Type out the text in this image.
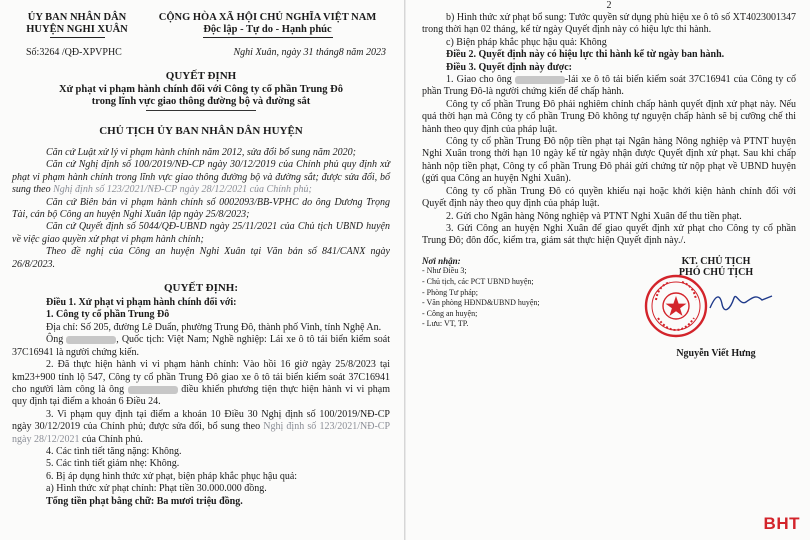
ỦY BAN NHÂN DÂN
HUYỆN NGHI XUÂN
CỘNG HÒA XÃ HỘI CHỦ NGHĨA VIỆT NAM
Độc lập - Tự do - Hạnh phúc
Số:3264 /QĐ-XPVPHC	Nghi Xuân, ngày 31 tháng8 năm 2023
QUYẾT ĐỊNH
Xử phạt vi phạm hành chính đối với Công ty cổ phần Trung Đô
trong lĩnh vực giao thông đường bộ và đường sắt
CHỦ TỊCH ỦY BAN NHÂN DÂN HUYỆN

Căn cứ Luật xử lý vi phạm hành chính năm 2012, sửa đổi bổ sung năm 2020;

Căn cứ Nghị định số 100/2019/NĐ-CP ngày 30/12/2019 của Chính phủ quy định xử phạt vi phạm hành chính trong lĩnh vực giao thông đường bộ và đường sắt; được sửa đổi, bổ sung theo Nghị định số 123/2021/NĐ-CP ngày 28/12/2021 của Chính phủ;

Căn cứ Biên bản vi phạm hành chính số 0002093/BB-VPHC do ông Dương Trọng Tài, cán bộ Công an huyện Nghi Xuân lập ngày 25/8/2023;

Căn cứ Quyết định số 5044/QĐ-UBND ngày 25/11/2021 của Chủ tịch UBND huyện về việc giao quyền xử phạt vi phạm hành chính;

Theo đề nghị của Công an huyện Nghi Xuân tại Văn bản số 841/CANX ngày 26/8/2023.

QUYẾT ĐỊNH:

Điều 1. Xử phạt vi phạm hành chính đối với:

1. Công ty cổ phần Trung Đô

Địa chỉ: Số 205, đường Lê Duẩn, phường Trung Đô, thành phố Vinh, tỉnh Nghệ An.

Ông	, Quốc tịch: Việt Nam; Nghề nghiệp: Lái xe ô tô tải biển kiểm soát 37C16941 là người chứng kiến.

2. Đã thực hiện hành vi vi phạm hành chính: Vào hồi 16 giờ ngày 25/8/2023 tại km23+900 tỉnh lộ 547, Công ty cổ phần Trung Đô giao xe ô tô tải biển kiểm soát 37C16941 cho người làm công là ông	điều khiển phương tiện thực hiện hành vi vi phạm quy định tại điểm a khoản 6 Điều 24.

3. Vi phạm quy định tại điểm a khoản 10 Điều 30 Nghị định số 100/2019/NĐ-CP ngày 30/12/2019 của Chính phủ; được sửa đổi, bổ sung theo Nghị định số 123/2021/NĐ-CP ngày 28/12/2021 của Chính phủ.

4. Các tình tiết tăng nặng: Không.

5. Các tình tiết giảm nhẹ: Không.

6. Bị áp dụng hình thức xử phạt, biện pháp khắc phục hậu quả:

a) Hình thức xử phạt chính: Phạt tiền 30.000.000 đồng.

Tổng tiền phạt bằng chữ: Ba mươi triệu đồng.

2

b) Hình thức xử phạt bổ sung: Tước quyền sử dụng phù hiệu xe ô tô số XT4023001347 trong thời hạn 02 tháng, kể từ ngày Quyết định này có hiệu lực thi hành.

c) Biện pháp khắc phục hậu quả: Không

Điều 2. Quyết định này có hiệu lực thi hành kể từ ngày ban hành.

Điều 3. Quyết định này được:

1. Giao cho ông	-lái xe ô tô tải biển kiểm soát 37C16941 của Công ty cổ phần Trung Đô-là người chứng kiến để chấp hành.

Công ty cổ phần Trung Đô phải nghiêm chỉnh chấp hành quyết định xử phạt này. Nếu quá thời hạn mà Công ty cổ phần Trung Đô không tự nguyện chấp hành sẽ bị cưỡng chế thi hành theo quy định của pháp luật.

Công ty cổ phần Trung Đô nộp tiền phạt tại Ngân hàng Nông nghiệp và PTNT huyện Nghi Xuân trong thời hạn 10 ngày kể từ ngày nhận được Quyết định xử phạt. Sau khi chấp hành nộp tiền phạt, Công ty cổ phần Trung Đô phải gửi chứng từ nộp phạt về UBND huyện (gửi qua Công an huyện Nghi Xuân).

Công ty cổ phần Trung Đô có quyền khiếu nại hoặc khởi kiện hành chính đối với Quyết định này theo quy định của pháp luật.

2. Gửi cho Ngân hàng Nông nghiệp và PTNT Nghi Xuân để thu tiền phạt.

3. Gửi Công an huyện Nghi Xuân để giao quyết định xử phạt cho Công ty cổ phần Trung Đô; đôn đốc, kiểm tra, giám sát thực hiện Quyết định này./.

Nơi nhận:
- Như Điều 3;
- Chủ tịch, các PCT UBND huyện;
- Phòng Tư pháp;
- Văn phòng HĐND&UBND huyện;
- Công an huyện;
- Lưu: VT, TP.
KT. CHỦ TỊCH
PHÓ CHỦ TỊCH
Nguyễn Viết Hưng
BHT
